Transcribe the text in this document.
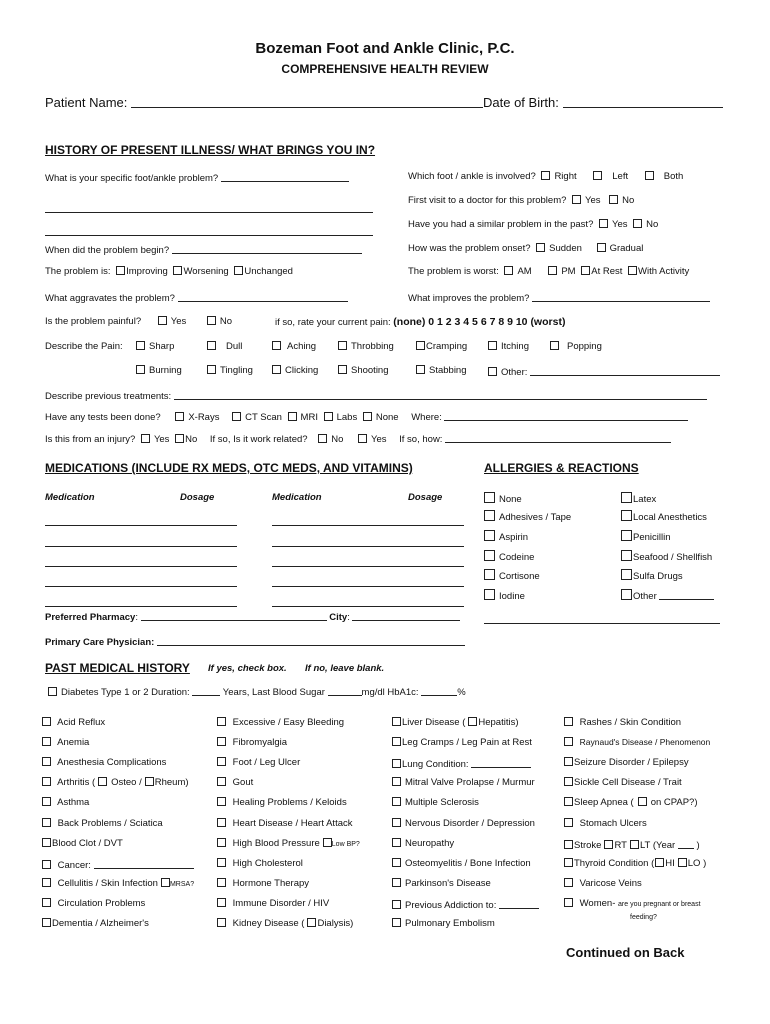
Bozeman Foot and Ankle Clinic, P.C.
COMPREHENSIVE HEALTH REVIEW
Patient Name:	Date of Birth:
HISTORY OF PRESENT ILLNESS/ WHAT BRINGS YOU IN?
What is your specific foot/ankle problem?	Which foot / ankle is involved? Right	Left	Both
First visit to a doctor for this problem? Yes No
Have you had a similar problem in the past? Yes No
When did the problem begin?	How was the problem onset? Sudden	Gradual
The problem is: Improving Worsening Unchanged	The problem is worst: AM	PM At Rest With Activity
What aggravates the problem?	What improves the problem?
Is the problem painful?	Yes	No	if so, rate your current pain: (none) 0 1 2 3 4 5 6 7 8 9 10 (worst)
Describe the Pain:	Sharp	Dull	Aching	Throbbing	Cramping	Itching	Popping
Burning	Tingling	Clicking	Shooting	Stabbing	Other:
Describe previous treatments:
Have any tests been done?	X-Rays	CT Scan MRI Labs None Where:
Is this from an injury? Yes No If so, Is it work related? No	Yes If so, how:
MEDICATIONS (INCLUDE RX MEDS, OTC MEDS, AND VITAMINS)
Medication	Dosage	Medication	Dosage
Preferred Pharmacy:	City:
Primary Care Physician:
ALLERGIES & REACTIONS
None
Adhesives / Tape
Aspirin
Codeine
Cortisone
Iodine
Latex
Local Anesthetics
Penicillin
Seafood / Shellfish
Sulfa Drugs
Other
PAST MEDICAL HISTORY If yes, check box. If no, leave blank.
Diabetes Type 1 or 2 Duration:	Years, Last Blood Sugar	mg/dl HbA1c:	%
Acid Reflux
Anemia
Anesthesia Complications
Arthritis ( Osteo / Rheum)
Asthma
Back Problems / Sciatica
Blood Clot / DVT
Cancer:
Cellulitis / Skin Infection MRSA?
Circulation Problems
Dementia / Alzheimer's
Excessive / Easy Bleeding
Fibromyalgia
Foot / Leg Ulcer
Gout
Healing Problems / Keloids
Heart Disease / Heart Attack
High Blood Pressure Low BP?
High Cholesterol
Hormone Therapy
Immune Disorder / HIV
Kidney Disease ( Dialysis)
Liver Disease ( Hepatitis)
Leg Cramps / Leg Pain at Rest
Lung Condition:
Mitral Valve Prolapse / Murmur
Multiple Sclerosis
Nervous Disorder / Depression
Neuropathy
Osteomyelitis / Bone Infection
Parkinson's Disease
Previous Addiction to:
Pulmonary Embolism
Rashes / Skin Condition
Raynaud's Disease / Phenomenon
Seizure Disorder / Epilepsy
Sickle Cell Disease / Trait
Sleep Apnea ( on CPAP?)
Stomach Ulcers
Stroke RT LT (Year )
Thyroid Condition ( HI LO )
Varicose Veins
Women- are you pregnant or breast
feeding?
Continued on Back
